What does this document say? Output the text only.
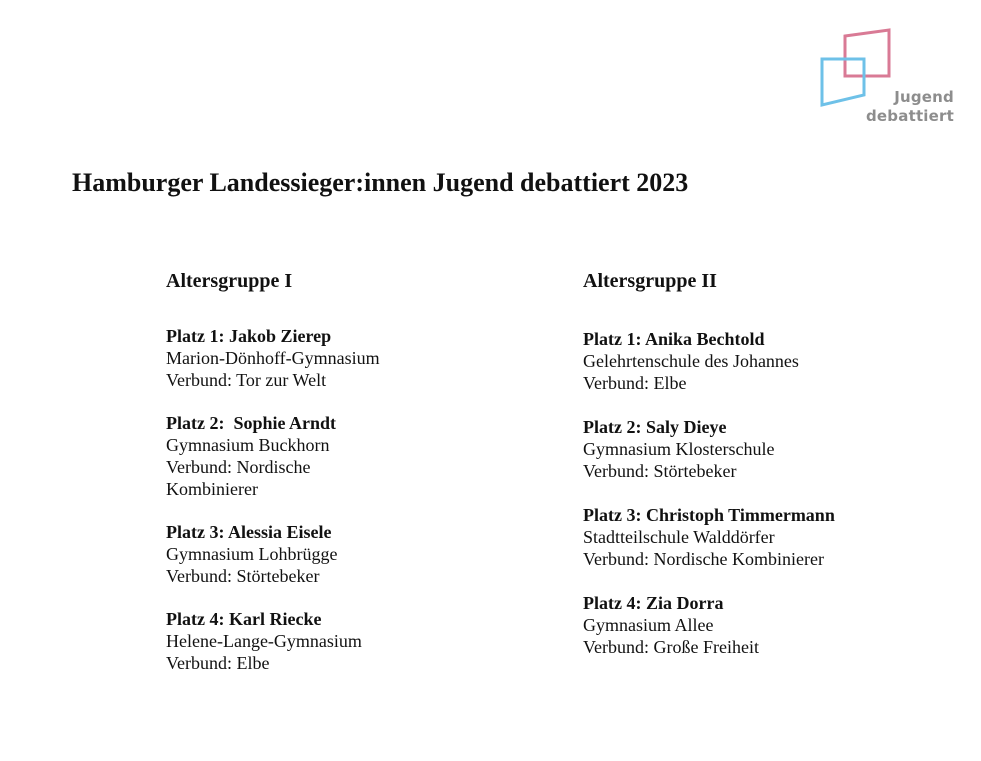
Jugend
debattiert
Hamburger Landessieger:innen Jugend debattiert 2023
Altersgruppe I
Platz 1: Jakob Zierep
Marion-Dönhoff-Gymnasium
Verbund: Tor zur Welt
Platz 2:  Sophie Arndt
Gymnasium Buckhorn
Verbund: Nordische Kombinierer
Platz 3: Alessia Eisele
Gymnasium Lohbrügge
Verbund: Störtebeker
Platz 4: Karl Riecke
Helene-Lange-Gymnasium
Verbund: Elbe
Altersgruppe II
Platz 1: Anika Bechtold
Gelehrtenschule des Johannes
Verbund: Elbe
Platz 2: Saly Dieye
Gymnasium Klosterschule
Verbund: Störtebeker
Platz 3: Christoph Timmermann
Stadtteilschule Walddörfer
Verbund: Nordische Kombinierer
Platz 4: Zia Dorra
Gymnasium Allee
Verbund: Große Freiheit
